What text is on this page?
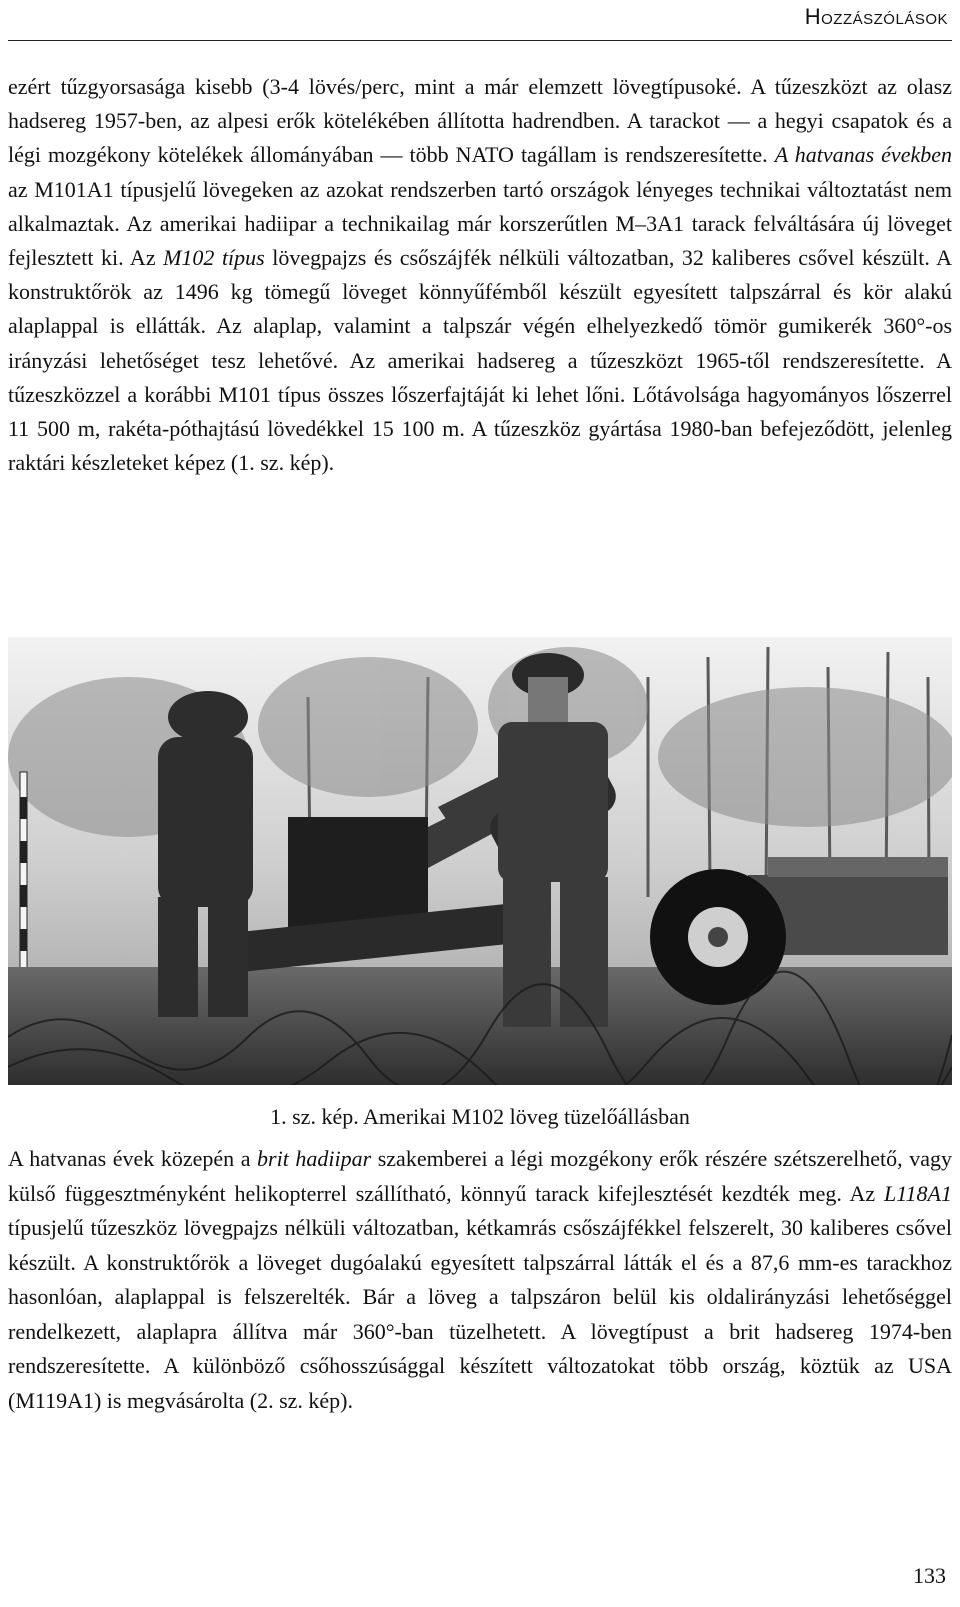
Hozzászólások

ezért tűzgyorsasága kisebb (3-4 lövés/perc, mint a már elemzett lövegtípusoké. A tűzeszközt az olasz hadsereg 1957-ben, az alpesi erők kötelékében állította hadrendben. A tarackot — a hegyi csapatok és a légi mozgékony kötelékek állományában — több NATO tagállam is rendszeresítette. A hatvanas években az M101A1 típusjelű lövegeken az azokat rendszerben tartó országok lényeges technikai változtatást nem alkalmaztak. Az amerikai hadiipar a technikailag már korszerűtlen M–3A1 tarack felváltására új löveget fejlesztett ki. Az M102 típus lövegpajzs és csőszájfék nélküli változatban, 32 kaliberes csővel készült. A konstruktőrök az 1496 kg tömegű löveget könnyűfémből készült egyesített talpszárral és kör alakú alaplappal is ellátták. Az alaplap, valamint a talpszár végén elhelyezkedő tömör gumikerék 360°-os irányzási lehetőséget tesz lehetővé. Az amerikai hadsereg a tűzeszközt 1965-től rendszeresítette. A tűzeszközzel a korábbi M101 típus összes lőszerfajtáját ki lehet lőni. Lőtávolsága hagyományos lőszerrel 11 500 m, rakéta-póthajtású lövedékkel 15 100 m. A tűzeszköz gyártása 1980-ban befejeződött, jelenleg raktári készleteket képez (1. sz. kép).

1. sz. kép. Amerikai M102 löveg tüzelőállásban

A hatvanas évek közepén a brit hadiipar szakemberei a légi mozgékony erők részére szétszerelhető, vagy külső függesztményként helikopterrel szállítható, könnyű tarack kifejlesztését kezdték meg. Az L118A1 típusjelű tűzeszköz lövegpajzs nélküli változatban, kétkamrás csőszájfékkel felszerelt, 30 kaliberes csővel készült. A konstruktőrök a löveget dugóalakú egyesített talpszárral látták el és a 87,6 mm-es tarackhoz hasonlóan, alaplappal is felszerelték. Bár a löveg a talpszáron belül kis oldalirányzási lehetőséggel rendelkezett, alaplapra állítva már 360°-ban tüzelhetett. A lövegtípust a brit hadsereg 1974-ben rendszeresítette. A különböző csőhosszúsággal készített változatokat több ország, köztük az USA (M119A1) is megvásárolta (2. sz. kép).

133
